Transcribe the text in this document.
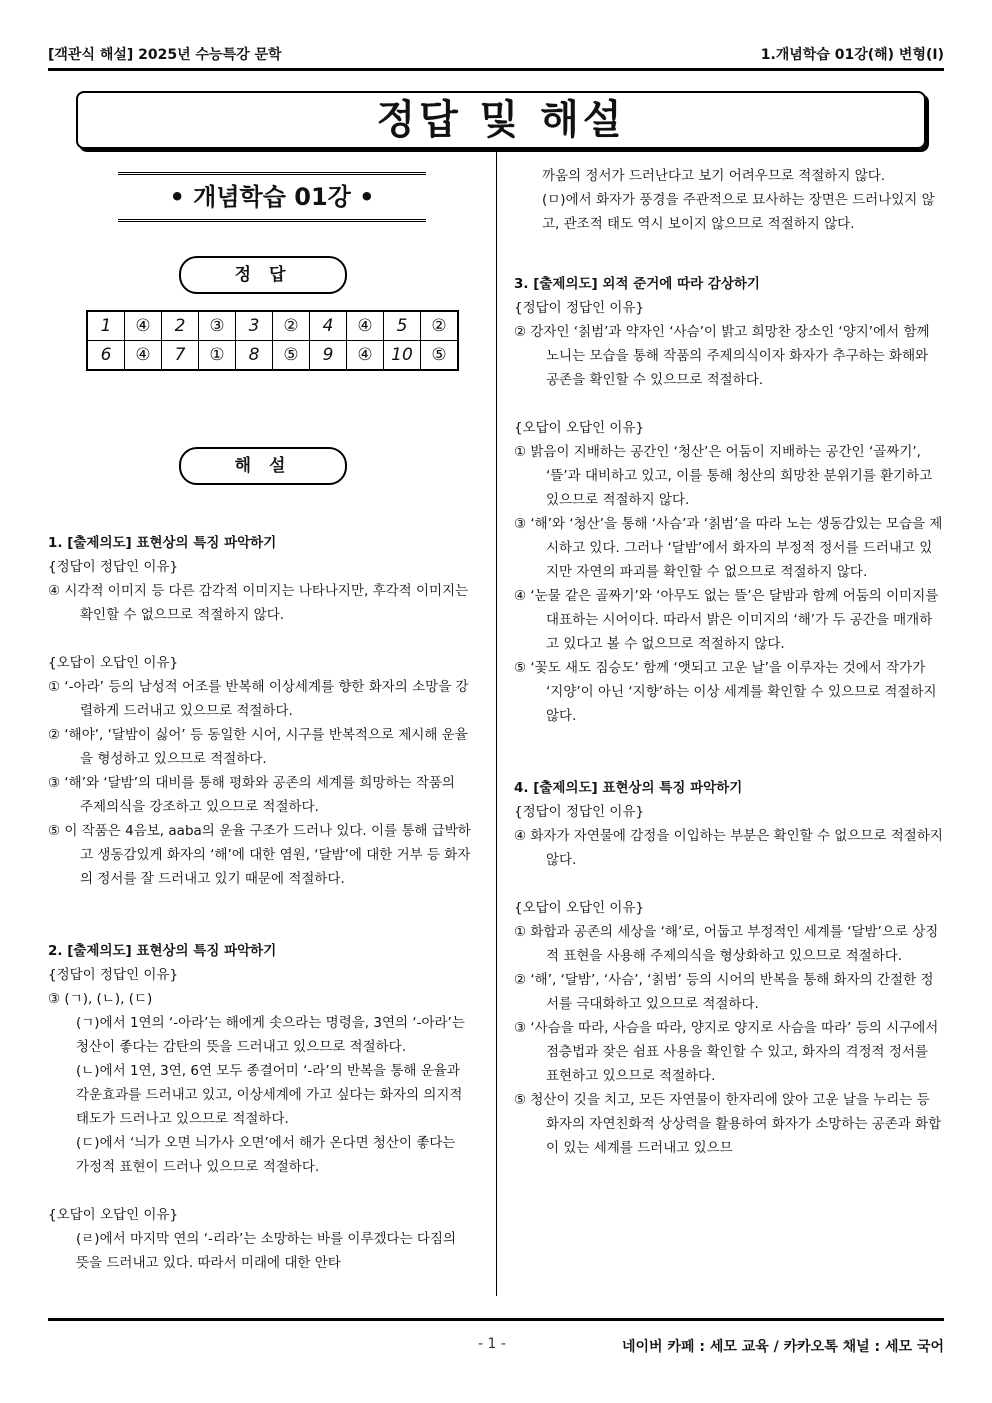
[객관식 해설] 2025년 수능특강 문학	1.개념학습 01강(해) 변형(I)
정답 및 해설
• 개념학습 01강 •
정 답
1	④	2	③	3	②	4	④	5	②
6	④	7	①	8	⑤	9	④	10	⑤
해 설

1. [출제의도] 표현상의 특징 파악하기

{정답이 정답인 이유}

④ 시각적 이미지 등 다른 감각적 이미지는 나타나지만, 후각적 이미지는 확인할 수 없으므로 적절하지 않다.

{오답이 오답인 이유}

① ‘-아라’ 등의 남성적 어조를 반복해 이상세계를 향한 화자의 소망을 강렬하게 드러내고 있으므로 적절하다.

② ‘해야’, ‘달밤이 싫어’ 등 동일한 시어, 시구를 반복적으로 제시해 운율을 형성하고 있으므로 적절하다.

③ ‘해’와 ‘달밤’의 대비를 통해 평화와 공존의 세계를 희망하는 작품의 주제의식을 강조하고 있으므로 적절하다.

⑤ 이 작품은 4음보, aaba의 운율 구조가 드러나 있다. 이를 통해 급박하고 생동감있게 화자의 ‘해’에 대한 염원, ‘달밤’에 대한 거부 등 화자의 정서를 잘 드러내고 있기 때문에 적절하다.

2. [출제의도] 표현상의 특징 파악하기

{정답이 정답인 이유}

③ (ㄱ), (ㄴ), (ㄷ)

(ㄱ)에서 1연의 ‘-아라’는 해에게 솟으라는 명령을, 3연의 ‘-아라’는 청산이 좋다는 감탄의 뜻을 드러내고 있으므로 적절하다.

(ㄴ)에서 1연, 3연, 6연 모두 종결어미 ‘-라’의 반복을 통해 운율과 각운효과를 드러내고 있고, 이상세계에 가고 싶다는 화자의 의지적 태도가 드러나고 있으므로 적절하다.

(ㄷ)에서 ‘늬가 오면 늬가사 오면’에서 해가 온다면 청산이 좋다는 가정적 표현이 드러나 있으므로 적절하다.

{오답이 오답인 이유}

(ㄹ)에서 마지막 연의 ‘-리라’는 소망하는 바를 이루겠다는 다짐의 뜻을 드러내고 있다. 따라서 미래에 대한 안타

까움의 정서가 드러난다고 보기 어려우므로 적절하지 않다.

(ㅁ)에서 화자가 풍경을 주관적으로 묘사하는 장면은 드러나있지 않고, 관조적 태도 역시 보이지 않으므로 적절하지 않다.

3. [출제의도] 외적 준거에 따라 감상하기

{정답이 정답인 이유}

② 강자인 ‘칡범’과 약자인 ‘사슴’이 밝고 희망찬 장소인 ‘양지’에서 함께 노니는 모습을 통해 작품의 주제의식이자 화자가 추구하는 화해와 공존을 확인할 수 있으므로 적절하다.

{오답이 오답인 이유}

① 밝음이 지배하는 공간인 ‘청산’은 어둠이 지배하는 공간인 ‘골짜기’, ‘뜰’과 대비하고 있고, 이를 통해 청산의 희망찬 분위기를 환기하고 있으므로 적절하지 않다.

③ ‘해’와 ‘청산’을 통해 ‘사슴’과 ‘칡범’을 따라 노는 생동감있는 모습을 제시하고 있다. 그러나 ‘달밤’에서 화자의 부정적 정서를 드러내고 있지만 자연의 파괴를 확인할 수 없으므로 적절하지 않다.

④ ‘눈물 같은 골짜기’와 ‘아무도 없는 뜰’은 달밤과 함께 어둠의 이미지를 대표하는 시어이다. 따라서 밝은 이미지의 ‘해’가 두 공간을 매개하고 있다고 볼 수 없으므로 적절하지 않다.

⑤ ‘꽃도 새도 짐승도’ 함께 ‘앳되고 고운 날’을 이루자는 것에서 작가가 ‘지양’이 아닌 ‘지향’하는 이상 세계를 확인할 수 있으므로 적절하지 않다.

4. [출제의도] 표현상의 특징 파악하기

{정답이 정답인 이유}

④ 화자가 자연물에 감정을 이입하는 부분은 확인할 수 없으므로 적절하지 않다.

{오답이 오답인 이유}

① 화합과 공존의 세상을 ‘해’로, 어둡고 부정적인 세계를 ‘달밤’으로 상징적 표현을 사용해 주제의식을 형상화하고 있으므로 적절하다.

② ‘해’, ‘달밤’, ‘사슴’, ‘칡범’ 등의 시어의 반복을 통해 화자의 간절한 정서를 극대화하고 있으므로 적절하다.

③ ‘사슴을 따라, 사슴을 따라, 양지로 양지로 사슴을 따라’ 등의 시구에서 점층법과 잦은 쉼표 사용을 확인할 수 있고, 화자의 격정적 정서를 표현하고 있으므로 적절하다.

⑤ 청산이 깃을 치고, 모든 자연물이 한자리에 앉아 고운 날을 누리는 등 화자의 자연친화적 상상력을 활용하여 화자가 소망하는 공존과 화합이 있는 세계를 드러내고 있으므

- 1 -	네이버 카페 : 세모 교육 / 카카오톡 채널 : 세모 국어
